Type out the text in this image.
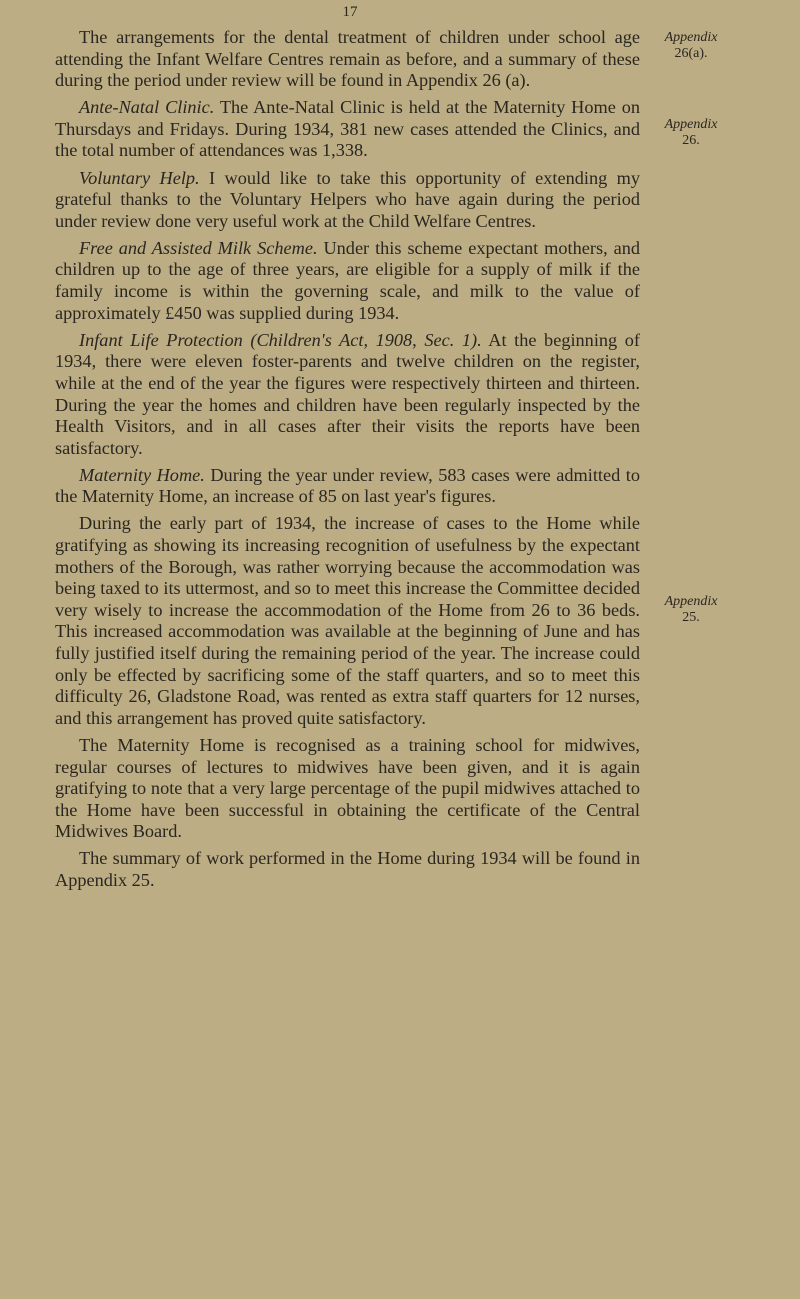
17

The arrangements for the dental treatment of children under school age attending the Infant Welfare Centres remain as before, and a summary of these during the period under review will be found in Appendix 26 (a).

Ante-Natal Clinic. The Ante-Natal Clinic is held at the Maternity Home on Thursdays and Fridays. During 1934, 381 new cases attended the Clinics, and the total number of attendances was 1,338.

Voluntary Help. I would like to take this opportunity of extending my grateful thanks to the Voluntary Helpers who have again during the period under review done very useful work at the Child Welfare Centres.

Free and Assisted Milk Scheme. Under this scheme expectant mothers, and children up to the age of three years, are eligible for a supply of milk if the family income is within the governing scale, and milk to the value of approximately £450 was supplied during 1934.

Infant Life Protection (Children's Act, 1908, Sec. 1). At the beginning of 1934, there were eleven foster-parents and twelve children on the register, while at the end of the year the figures were respectively thirteen and thirteen. During the year the homes and children have been regularly inspected by the Health Visitors, and in all cases after their visits the reports have been satisfactory.

Maternity Home. During the year under review, 583 cases were admitted to the Maternity Home, an increase of 85 on last year's figures.

During the early part of 1934, the increase of cases to the Home while gratifying as showing its increasing recognition of usefulness by the expectant mothers of the Borough, was rather worrying because the accommodation was being taxed to its uttermost, and so to meet this increase the Committee decided very wisely to increase the accommodation of the Home from 26 to 36 beds. This increased accommodation was available at the beginning of June and has fully justified itself during the remaining period of the year. The increase could only be effected by sacrificing some of the staff quarters, and so to meet this difficulty 26, Gladstone Road, was rented as extra staff quarters for 12 nurses, and this arrangement has proved quite satisfactory.

The Maternity Home is recognised as a training school for midwives, regular courses of lectures to midwives have been given, and it is again gratifying to note that a very large percentage of the pupil midwives attached to the Home have been successful in obtaining the certificate of the Central Midwives Board.

The summary of work performed in the Home during 1934 will be found in Appendix 25.

Appendix
26(a).
Appendix
26.
Appendix
25.
